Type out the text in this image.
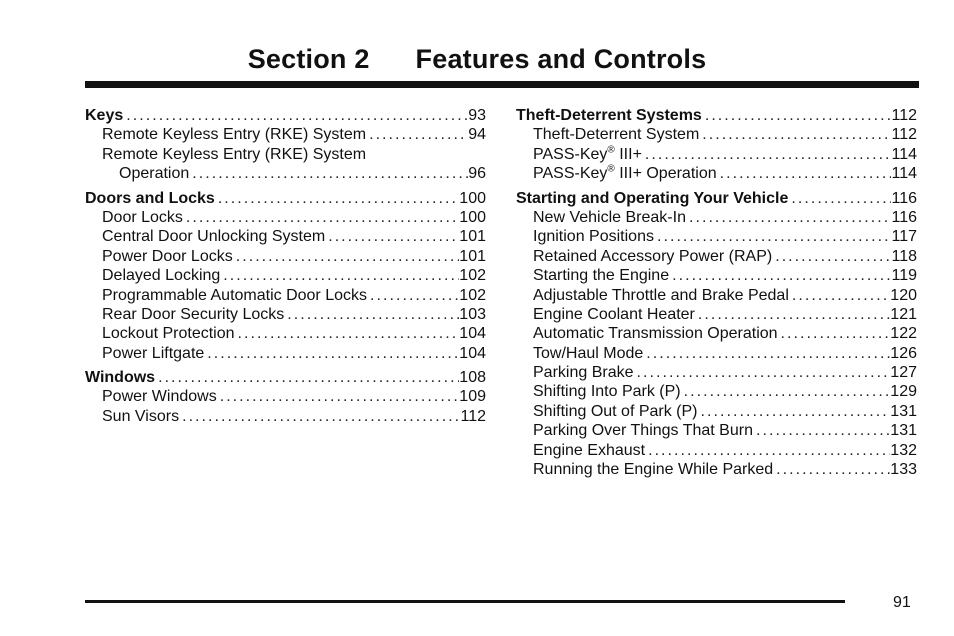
Section 2 Features and Controls
Keys . . .	93
Remote Keyless Entry (RKE) System . . .	94
Remote Keyless Entry (RKE) System
Operation . . .	96
Doors and Locks . . .	100
Door Locks . . .	100
Central Door Unlocking System . . .	101
Power Door Locks . . .	101
Delayed Locking . . .	102
Programmable Automatic Door Locks . . .	102
Rear Door Security Locks . . .	103
Lockout Protection . . .	104
Power Liftgate . . .	104
Windows . . .	108
Power Windows . . .	109
Sun Visors . . .	112
Theft-Deterrent Systems . . .	112
Theft-Deterrent System . . .	112
PASS-Key® III+ . . .	114
PASS-Key® III+ Operation . . .	114
Starting and Operating Your Vehicle . . .	116
New Vehicle Break-In . . .	116
Ignition Positions . . .	117
Retained Accessory Power (RAP) . . .	118
Starting the Engine . . .	119
Adjustable Throttle and Brake Pedal . . .	120
Engine Coolant Heater . . .	121
Automatic Transmission Operation . . .	122
Tow/Haul Mode . . .	126
Parking Brake . . .	127
Shifting Into Park (P) . . .	129
Shifting Out of Park (P) . . .	131
Parking Over Things That Burn . . .	131
Engine Exhaust . . .	132
Running the Engine While Parked . . .	133
91
